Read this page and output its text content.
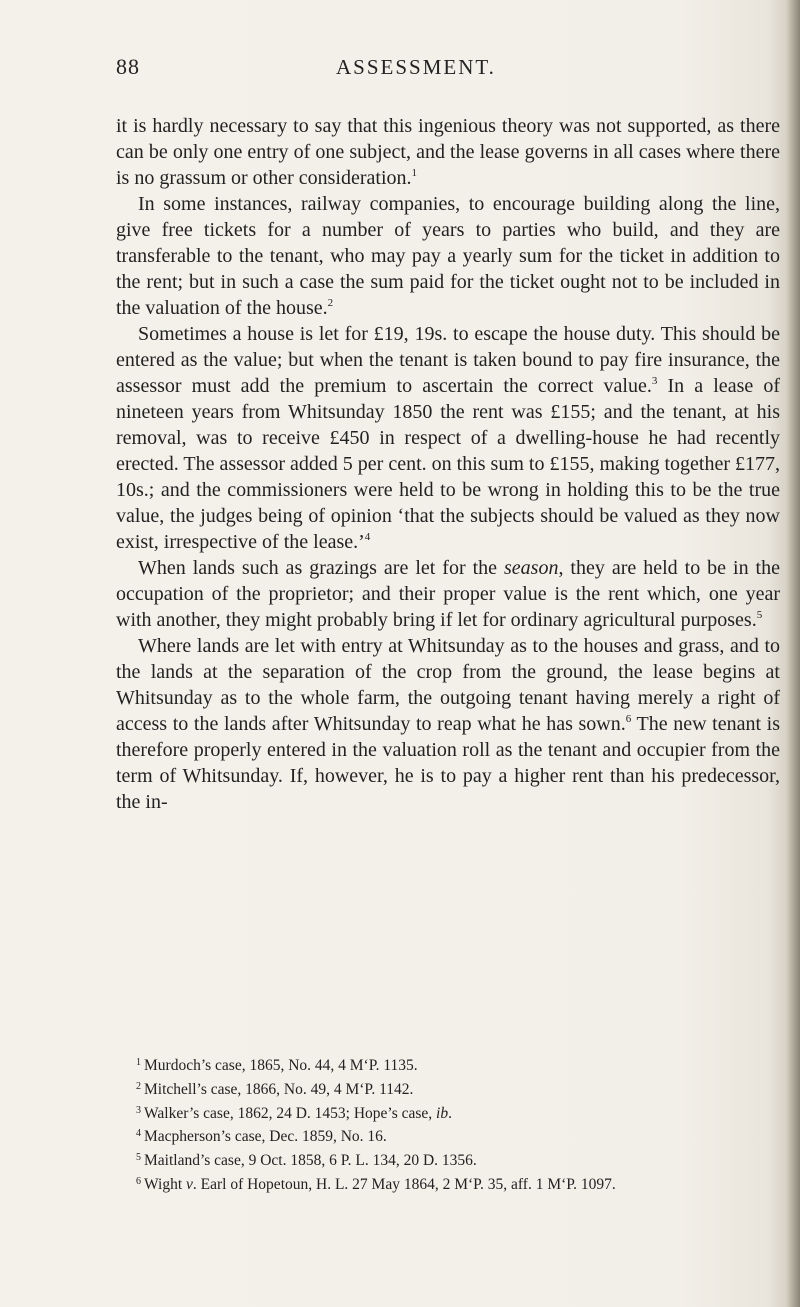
88	ASSESSMENT.

it is hardly necessary to say that this ingenious theory was not supported, as there can be only one entry of one subject, and the lease governs in all cases where there is no grassum or other consideration.$^1$

In some instances, railway companies, to encourage building along the line, give free tickets for a number of years to parties who build, and they are transferable to the tenant, who may pay a yearly sum for the ticket in addition to the rent; but in such a case the sum paid for the ticket ought not to be included in the valuation of the house.$^2$

Sometimes a house is let for £19, 19s. to escape the house duty. This should be entered as the value; but when the tenant is taken bound to pay fire insurance, the assessor must add the premium to ascertain the correct value.$^3$ In a lease of nineteen years from Whitsunday 1850 the rent was £155; and the tenant, at his removal, was to receive £450 in respect of a dwelling-house he had recently erected. The assessor added 5 per cent. on this sum to £155, making together £177, 10s.; and the commissioners were held to be wrong in holding this to be the true value, the judges being of opinion ‘that the subjects should be valued as they now exist, irrespective of the lease.’$^4$

When lands such as grazings are let for the season, they are held to be in the occupation of the proprietor; and their proper value is the rent which, one year with another, they might probably bring if let for ordinary agricultural purposes.$^5$

Where lands are let with entry at Whitsunday as to the houses and grass, and to the lands at the separation of the crop from the ground, the lease begins at Whitsunday as to the whole farm, the outgoing tenant having merely a right of access to the lands after Whitsunday to reap what he has sown.$^6$ The new tenant is therefore properly entered in the valuation roll as the tenant and occupier from the term of Whitsunday. If, however, he is to pay a higher rent than his predecessor, the in-

$^1$ Murdoch’s case, 1865, No. 44, 4 M‘P. 1135.
$^2$ Mitchell’s case, 1866, No. 49, 4 M‘P. 1142.
$^3$ Walker’s case, 1862, 24 D. 1453; Hope’s case, ib.
$^4$ Macpherson’s case, Dec. 1859, No. 16.
$^5$ Maitland’s case, 9 Oct. 1858, 6 P. L. 134, 20 D. 1356.
$^6$ Wight v. Earl of Hopetoun, H. L. 27 May 1864, 2 M‘P. 35, aff. 1 M‘P. 1097.
